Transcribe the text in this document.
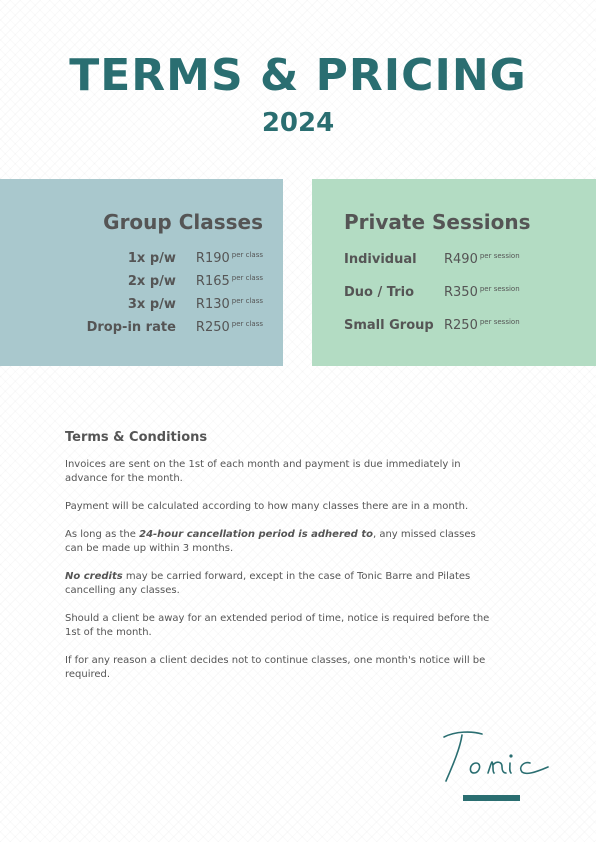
TERMS & PRICING
2024
Group Classes
1x p/w R190 per class
2x p/w R165 per class
3x p/w R130 per class
Drop-in rate R250 per class
Private Sessions
Individual	R490 per session
Duo / Trio	R350 per session
Small Group R250 per session
Terms & Conditions

Invoices are sent on the 1st of each month and payment is due immediately in advance for the month.

Payment will be calculated according to how many classes there are in a month.

As long as the 24-hour cancellation period is adhered to, any missed classes can be made up within 3 months.

No credits may be carried forward, except in the case of Tonic Barre and Pilates cancelling any classes.

Should a client be away for an extended period of time, notice is required before the 1st of the month.

If for any reason a client decides not to continue classes, one month's notice will be required.
